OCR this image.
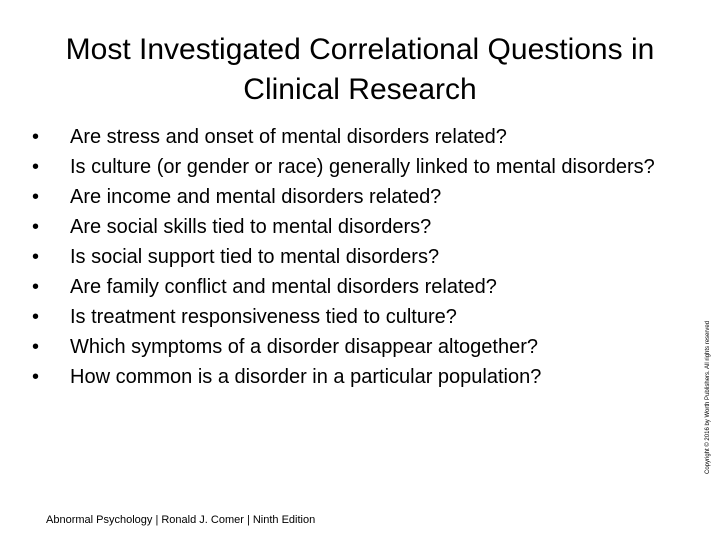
Most Investigated Correlational Questions in
Clinical Research
•	Are stress and onset of mental disorders related?
•	Is culture (or gender or race) generally linked to mental disorders?
•	Are income and mental disorders related?
•	Are social skills tied to mental disorders?
•	Is social support tied to mental disorders?
•	Are family conflict and mental disorders related?
•	Is treatment responsiveness tied to culture?
•	Which symptoms of a disorder disappear altogether?
•	How common is a disorder in a particular population?
Abnormal Psychology | Ronald J. Comer | Ninth Edition
Copyright © 2016 by Worth Publishers. All rights reserved
